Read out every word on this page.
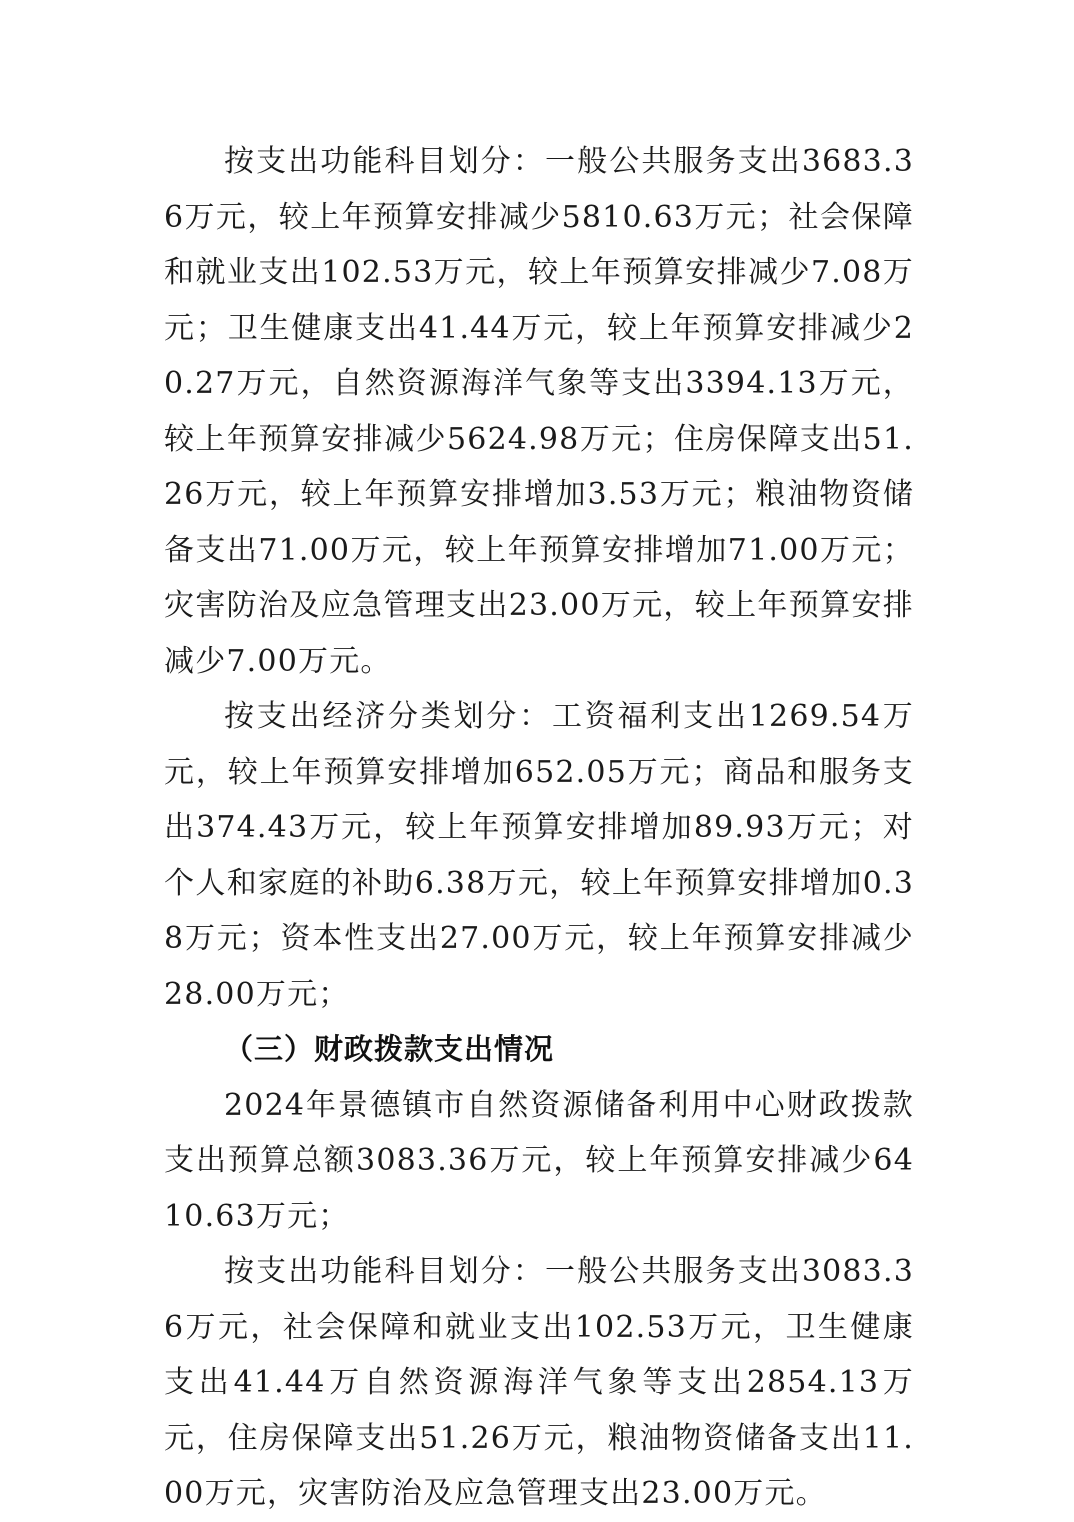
按支出功能科目划分：一般公共服务支出3683.36万元，较上年预算安排减少5810.63万元；社会保障和就业支出102.53万元，较上年预算安排减少7.08万元；卫生健康支出41.44万元，较上年预算安排减少20.27万元，自然资源海洋气象等支出3394.13万元，较上年预算安排减少5624.98万元；住房保障支出51.26万元，较上年预算安排增加3.53万元；粮油物资储备支出71.00万元，较上年预算安排增加71.00万元；灾害防治及应急管理支出23.00万元，较上年预算安排减少7.00万元。

按支出经济分类划分：工资福利支出1269.54万元，较上年预算安排增加652.05万元；商品和服务支出374.43万元，较上年预算安排增加89.93万元；对个人和家庭的补助6.38万元，较上年预算安排增加0.38万元；资本性支出27.00万元，较上年预算安排减少28.00万元；

（三）财政拨款支出情况

2024年景德镇市自然资源储备利用中心财政拨款支出预算总额3083.36万元，较上年预算安排减少6410.63万元；

按支出功能科目划分：一般公共服务支出3083.36万元，社会保障和就业支出102.53万元，卫生健康支出41.44万自然资源海洋气象等支出2854.13万元，住房保障支出51.26万元，粮油物资储备支出11.00万元，灾害防治及应急管理支出23.00万元。
